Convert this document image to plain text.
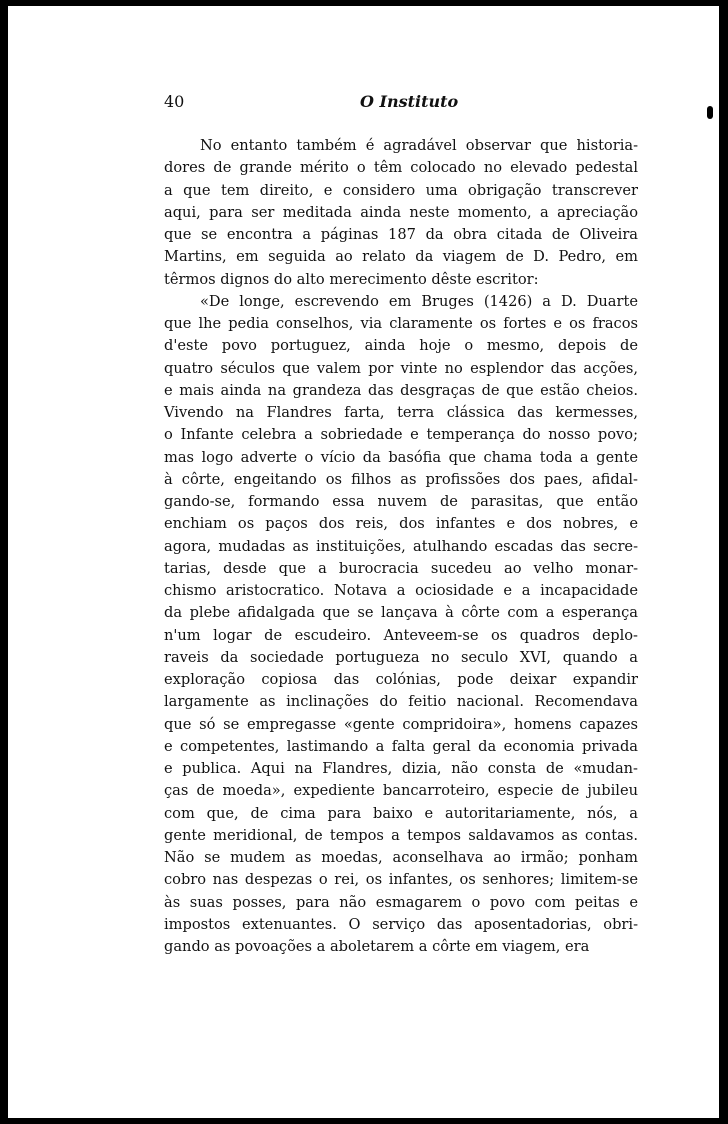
40	O Instituto
No entanto também é agradável observar que historia-
dores de grande mérito o têm colocado no elevado pedestal
a que tem direito, e considero uma obrigação transcrever
aqui, para ser meditada ainda neste momento, a apreciação
que se encontra a páginas 187 da obra citada de Oliveira
Martins, em seguida ao relato da viagem de D. Pedro, em
têrmos dignos do alto merecimento dêste escritor:
«De longe, escrevendo em Bruges (1426) a D. Duarte
que lhe pedia conselhos, via claramente os fortes e os fracos
d'este povo portuguez, ainda hoje o mesmo, depois de
quatro séculos que valem por vinte no esplendor das acções,
e mais ainda na grandeza das desgraças de que estão cheios.
Vivendo na Flandres farta, terra clássica das kermesses,
o Infante celebra a sobriedade e temperança do nosso povo;
mas logo adverte o vício da basófia que chama toda a gente
à côrte, engeitando os filhos as profissões dos paes, afidal-
gando-se, formando essa nuvem de parasitas, que então
enchiam os paços dos reis, dos infantes e dos nobres, e
agora, mudadas as instituições, atulhando escadas das secre-
tarias, desde que a burocracia sucedeu ao velho monar-
chismo aristocratico. Notava a ociosidade e a incapacidade
da plebe afidalgada que se lançava à côrte com a esperança
n'um logar de escudeiro. Anteveem-se os quadros deplo-
raveis da sociedade portugueza no seculo XVI, quando a
exploração copiosa das colónias, pode deixar expandir
largamente as inclinações do feitio nacional. Recomendava
que só se empregasse «gente compridoira», homens capazes
e competentes, lastimando a falta geral da economia privada
e publica. Aqui na Flandres, dizia, não consta de «mudan-
ças de moeda», expediente bancarroteiro, especie de jubileu
com que, de cima para baixo e autoritariamente, nós, a
gente meridional, de tempos a tempos saldavamos as contas.
Não se mudem as moedas, aconselhava ao irmão; ponham
cobro nas despezas o rei, os infantes, os senhores; limitem-se
às suas posses, para não esmagarem o povo com peitas e
impostos extenuantes. O serviço das aposentadorias, obri-
gando as povoações a aboletarem a côrte em viagem, era
